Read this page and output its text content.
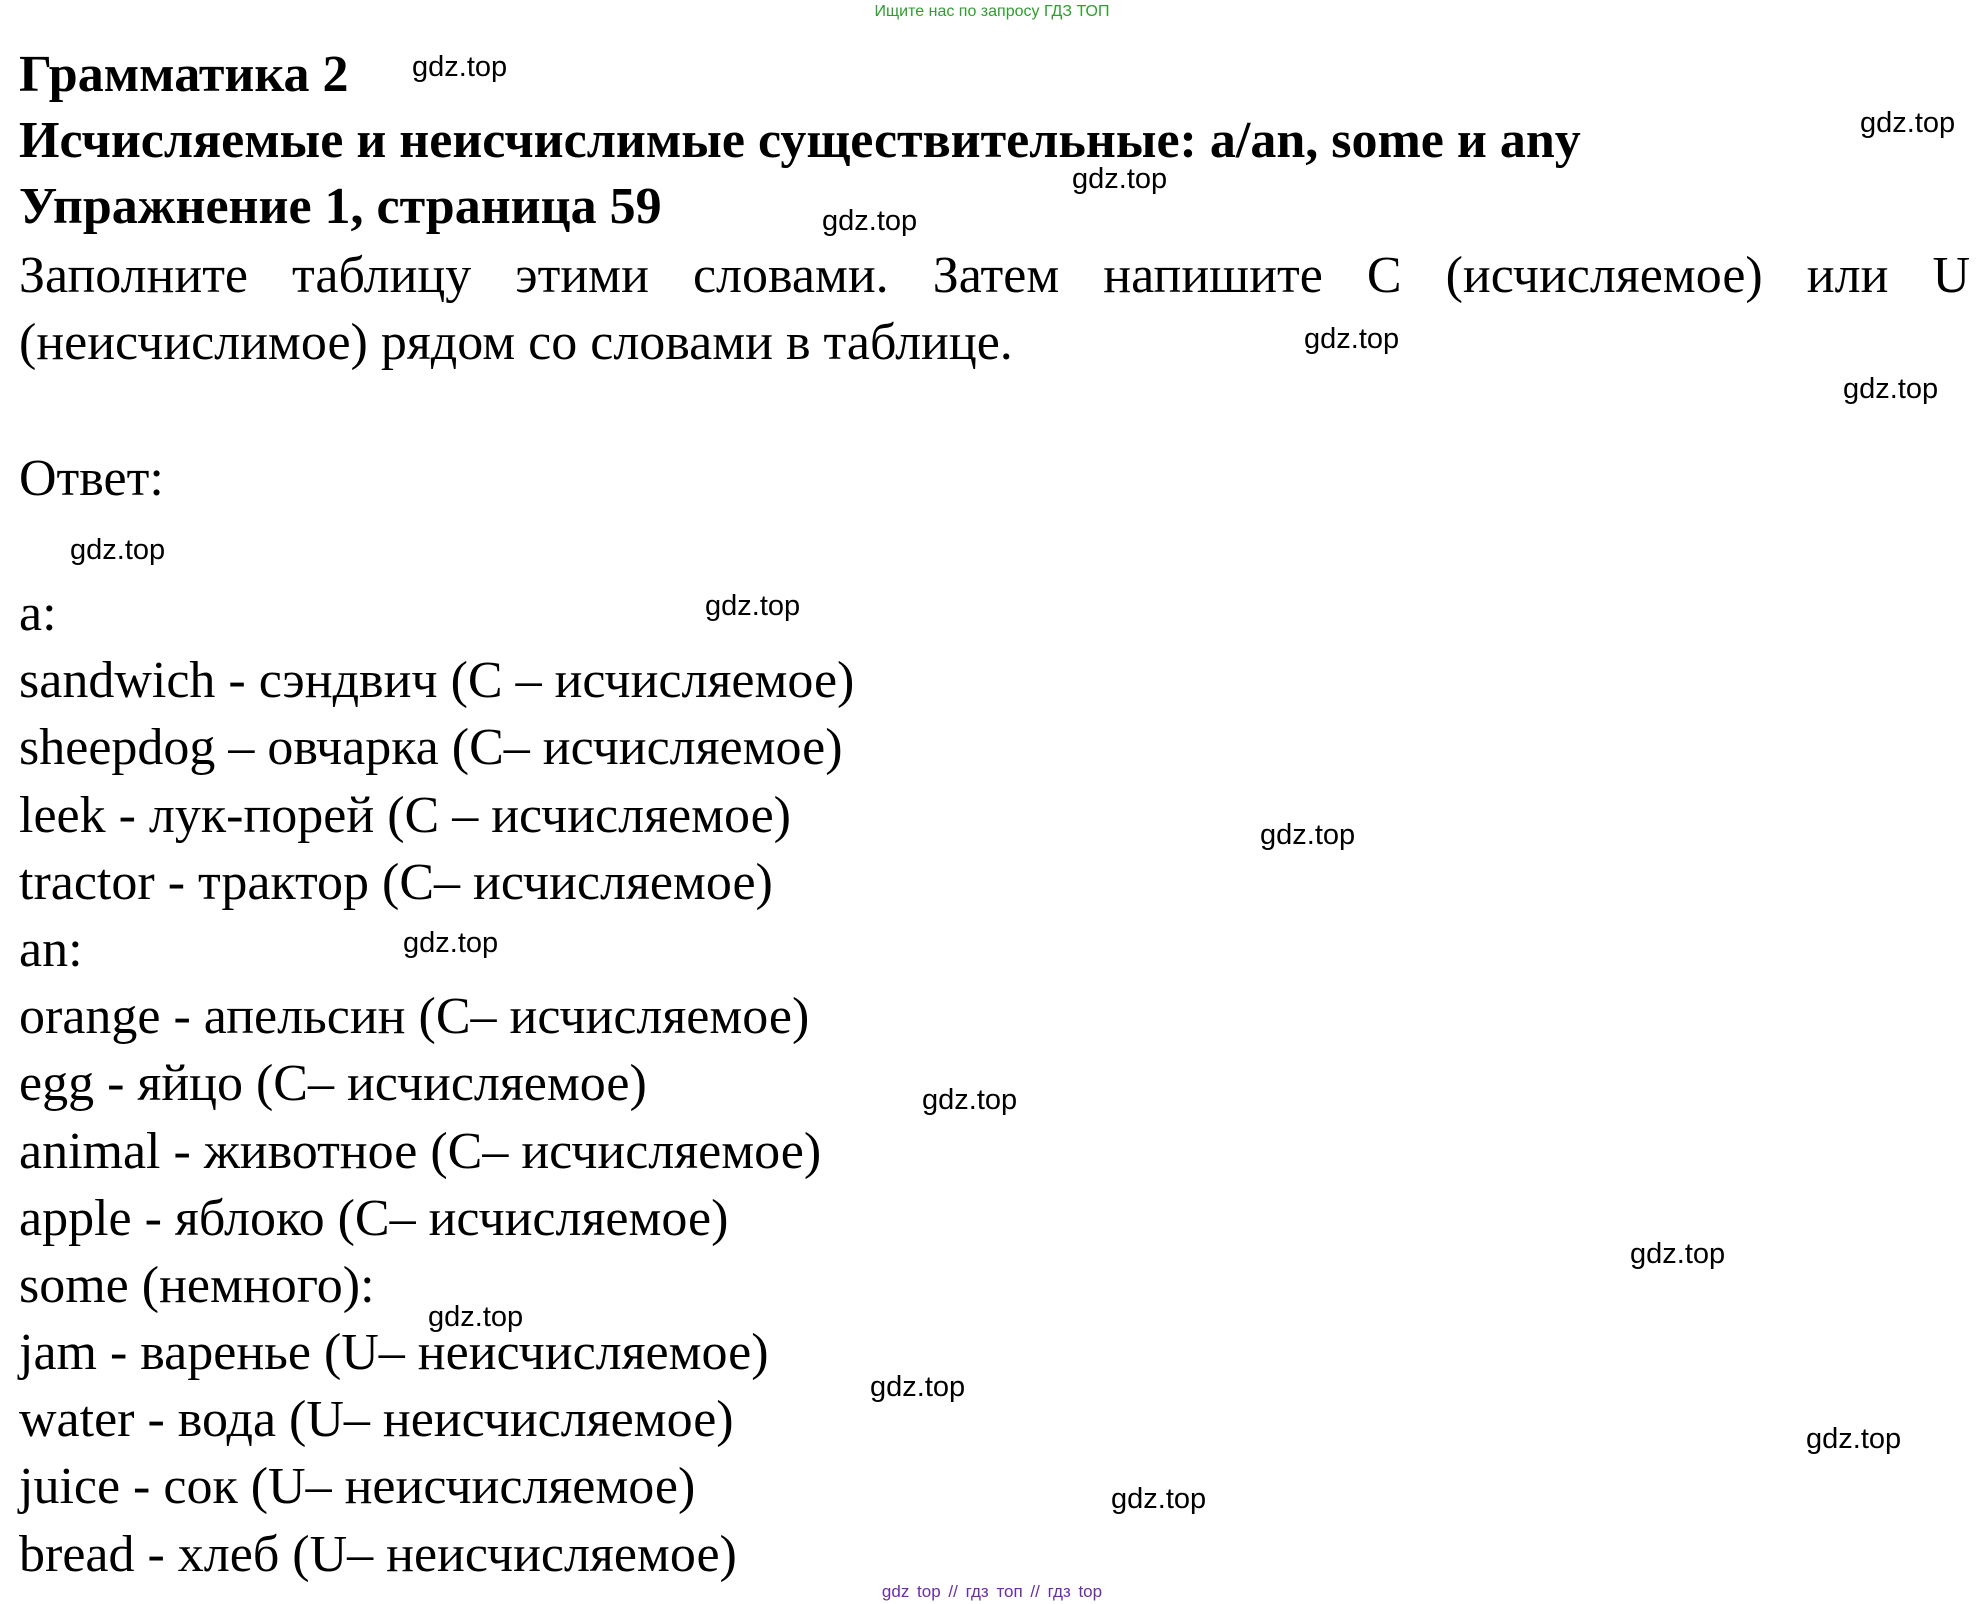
Ищите нас по запросу ГДЗ ТОП
Грамматика 2
Исчисляемые и неисчислимые существительные: a/an, some и any
Упражнение 1, страница 59
Заполните таблицу этими словами. Затем напишите С (исчисляемое) или U (неисчислимое) рядом со словами в таблице.
Ответ:
a:
sandwich - сэндвич (C – исчисляемое)
sheepdog – овчарка (C– исчисляемое)
leek - лук-порей (C – исчисляемое)
tractor - трактор (C– исчисляемое)
an:
orange - апельсин (C– исчисляемое)
egg - яйцо (C– исчисляемое)
animal - животное (C– исчисляемое)
apple - яблоко (C– исчисляемое)
some (немного):
jam - варенье (U– неисчисляемое)
water - вода (U– неисчисляемое)
juice - сок (U– неисчисляемое)
bread - хлеб (U– неисчисляемое)
gdz.top
gdz.top
gdz.top
gdz.top
gdz.top
gdz.top
gdz.top
gdz.top
gdz.top
gdz.top
gdz.top
gdz.top
gdz.top
gdz.top
gdz.top
gdz.top
gdz top // гдз топ // гдз top
